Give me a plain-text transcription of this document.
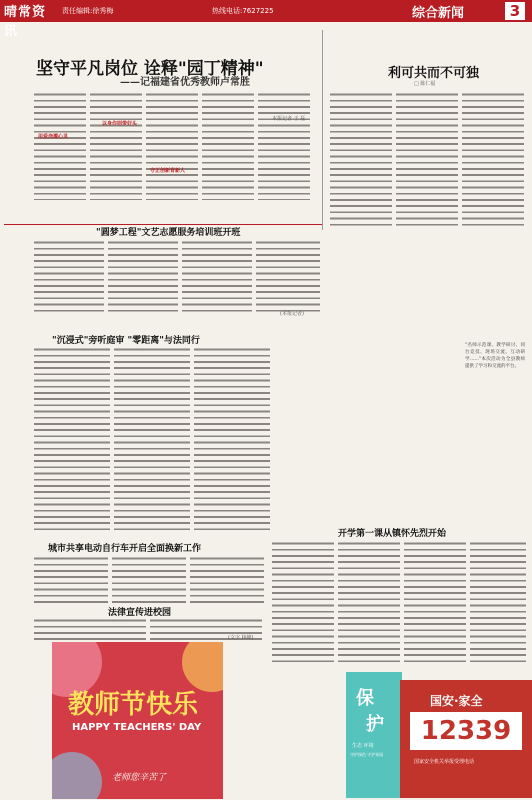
晴常资讯
责任编辑:徐秀梅	热线电话:7627225	综合新闻	3
坚守平凡岗位 诠释"园丁精神"
——记福建省优秀教师卢常胜
用爱浇灌心灵
以身作则带好头
守正创新育新人
本报记者 王 磊
利可共而不可独
□ 陈仁福
"圆梦工程"文艺志愿服务培训班开班
(本报记者)
"沉浸式"旁听庭审 "零距离"与法同行	"名师示范课、教学研讨、同台竞技、现场交流、互动研学……"本次活动为全县教师提供了学习和交流的平台。
开学第一课从镇怀先烈开始
城市共享电动自行车开启全面换新工作
法律宣传进校园
(文字 林峰)
教师节快乐
HAPPY TEACHERS' DAY
老师您辛苦了
保
护
生态 环境
守护绿色 守护家园
国安·家全
12339
国家安全机关举报受理电话
